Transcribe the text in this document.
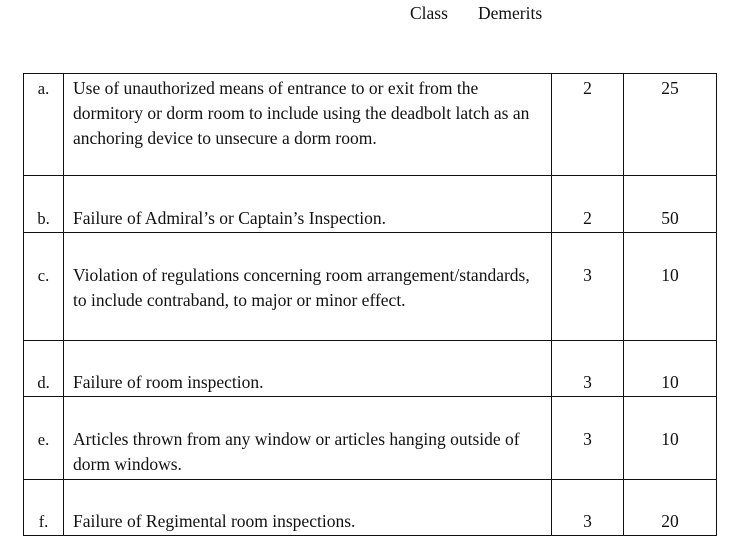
Class Demerits
a.	Use of unauthorized means of entrance to or exit from the dormitory or dorm room to include using the deadbolt latch as an anchoring device to unsecure a dorm room.	2	25
b.	Failure of Admiral’s or Captain’s Inspection.	2	50
c.	Violation of regulations concerning room arrangement/standards, to include contraband, to major or minor effect.	3	10
d.	Failure of room inspection.	3	10
e.	Articles thrown from any window or articles hanging outside of dorm windows.	3	10
f.	Failure of Regimental room inspections.	3	20
